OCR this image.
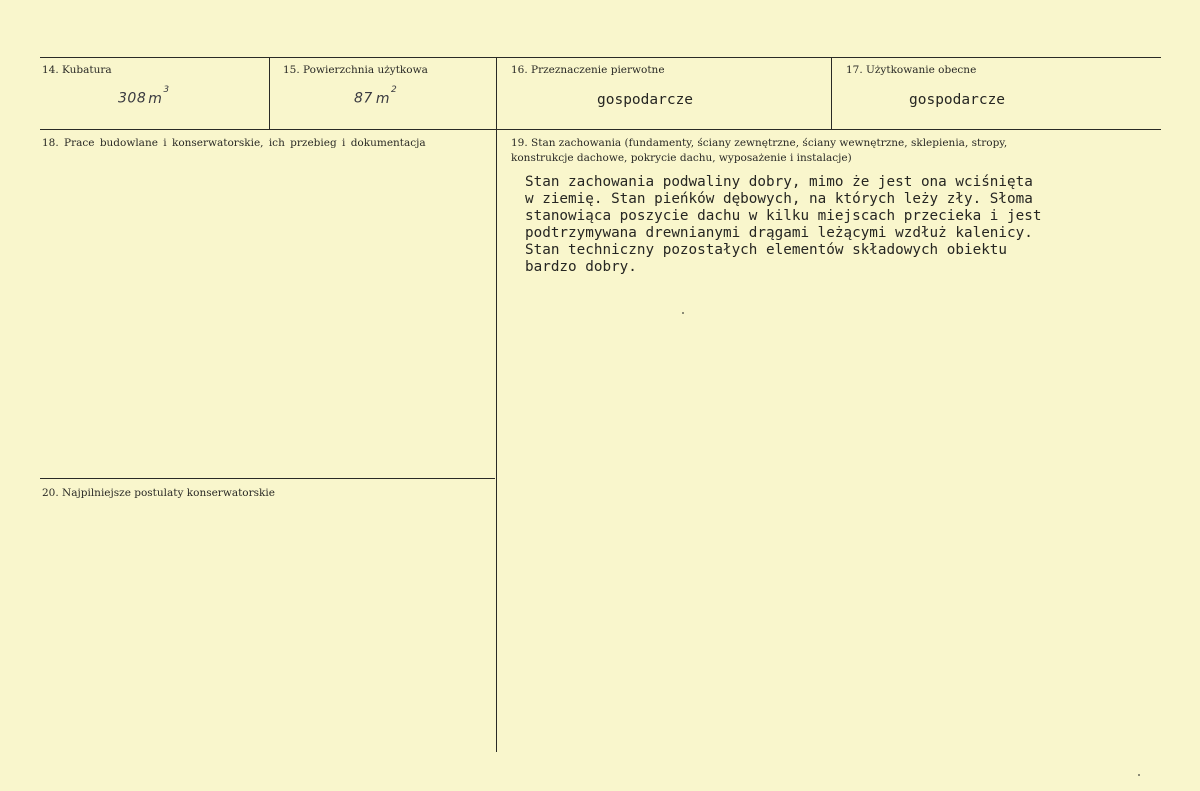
14. Kubatura
308 $m^3$
15. Powierzchnia użytkowa
87 $m^2$
16. Przeznaczenie pierwotne
gospodarcze
17. Użytkowanie obecne
gospodarcze
18. Prace budowlane i konserwatorskie, ich przebieg i dokumentacja	19. Stan zachowania (fundamenty, ściany zewnętrzne, ściany wewnętrzne, sklepienia, stropy,
konstrukcje dachowe, pokrycie dachu, wyposażenie i instalacje)
Stan zachowania podwaliny dobry, mimo że jest ona wciśnięta
w ziemię. Stan pieńków dębowych, na których leży zły. Słoma
stanowiąca poszycie dachu w kilku miejscach przecieka i jest
podtrzymywana drewnianymi drągami leżącymi wzdłuż kalenicy.
Stan techniczny pozostałych elementów składowych obiektu
bardzo dobry.
20. Najpilniejsze postulaty konserwatorskie
